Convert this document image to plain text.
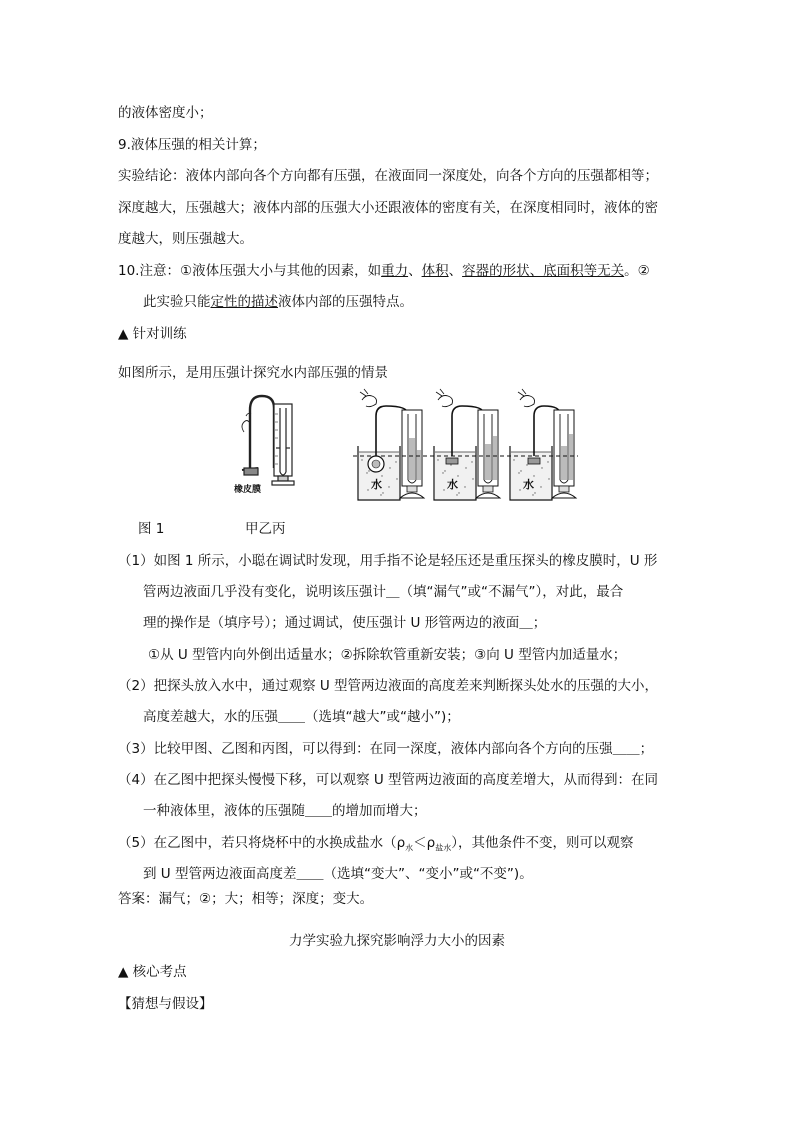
的液体密度小；
9.液体压强的相关计算；
实验结论：液体内部向各个方向都有压强，在液面同一深度处，向各个方向的压强都相等；
深度越大，压强越大；液体内部的压强大小还跟液体的密度有关，在深度相同时，液体的密
度越大，则压强越大。
10.注意：①液体压强大小与其他的因素，如重力、体积、容器的形状、底面积等无关。②
此实验只能定性的描述液体内部的压强特点。
▲ 针对训练
如图所示，是用压强计探究水内部压强的情景
橡皮膜	水	水	水
图 1	甲乙丙
（1）如图 1 所示，小聪在调试时发现，用手指不论是轻压还是重压探头的橡皮膜时，U 形
管两边液面几乎没有变化，说明该压强计＿（填“漏气”或“不漏气”），对此，最合
理的操作是（填序号）；通过调试，使压强计 U 形管两边的液面＿；
①从 U 型管内向外倒出适量水；②拆除软管重新安装；③向 U 型管内加适量水；
（2）把探头放入水中，通过观察 U 型管两边液面的高度差来判断探头处水的压强的大小，
高度差越大，水的压强＿＿（选填“越大”或“越小”)；
（3）比较甲图、乙图和丙图，可以得到：在同一深度，液体内部向各个方向的压强＿＿；
（4）在乙图中把探头慢慢下移，可以观察 U 型管两边液面的高度差增大，从而得到：在同
一种液体里，液体的压强随＿＿的增加而增大；
（5）在乙图中，若只将烧杯中的水换成盐水$(\rho_水<\rho_{盐水})$，其他条件不变，则可以观察
到 U 型管两边液面高度差＿＿（选填“变大”、“变小”或“不变”)。
答案：漏气；②；大；相等；深度；变大。
力学实验九探究影响浮力大小的因素
▲ 核心考点
【猜想与假设】
